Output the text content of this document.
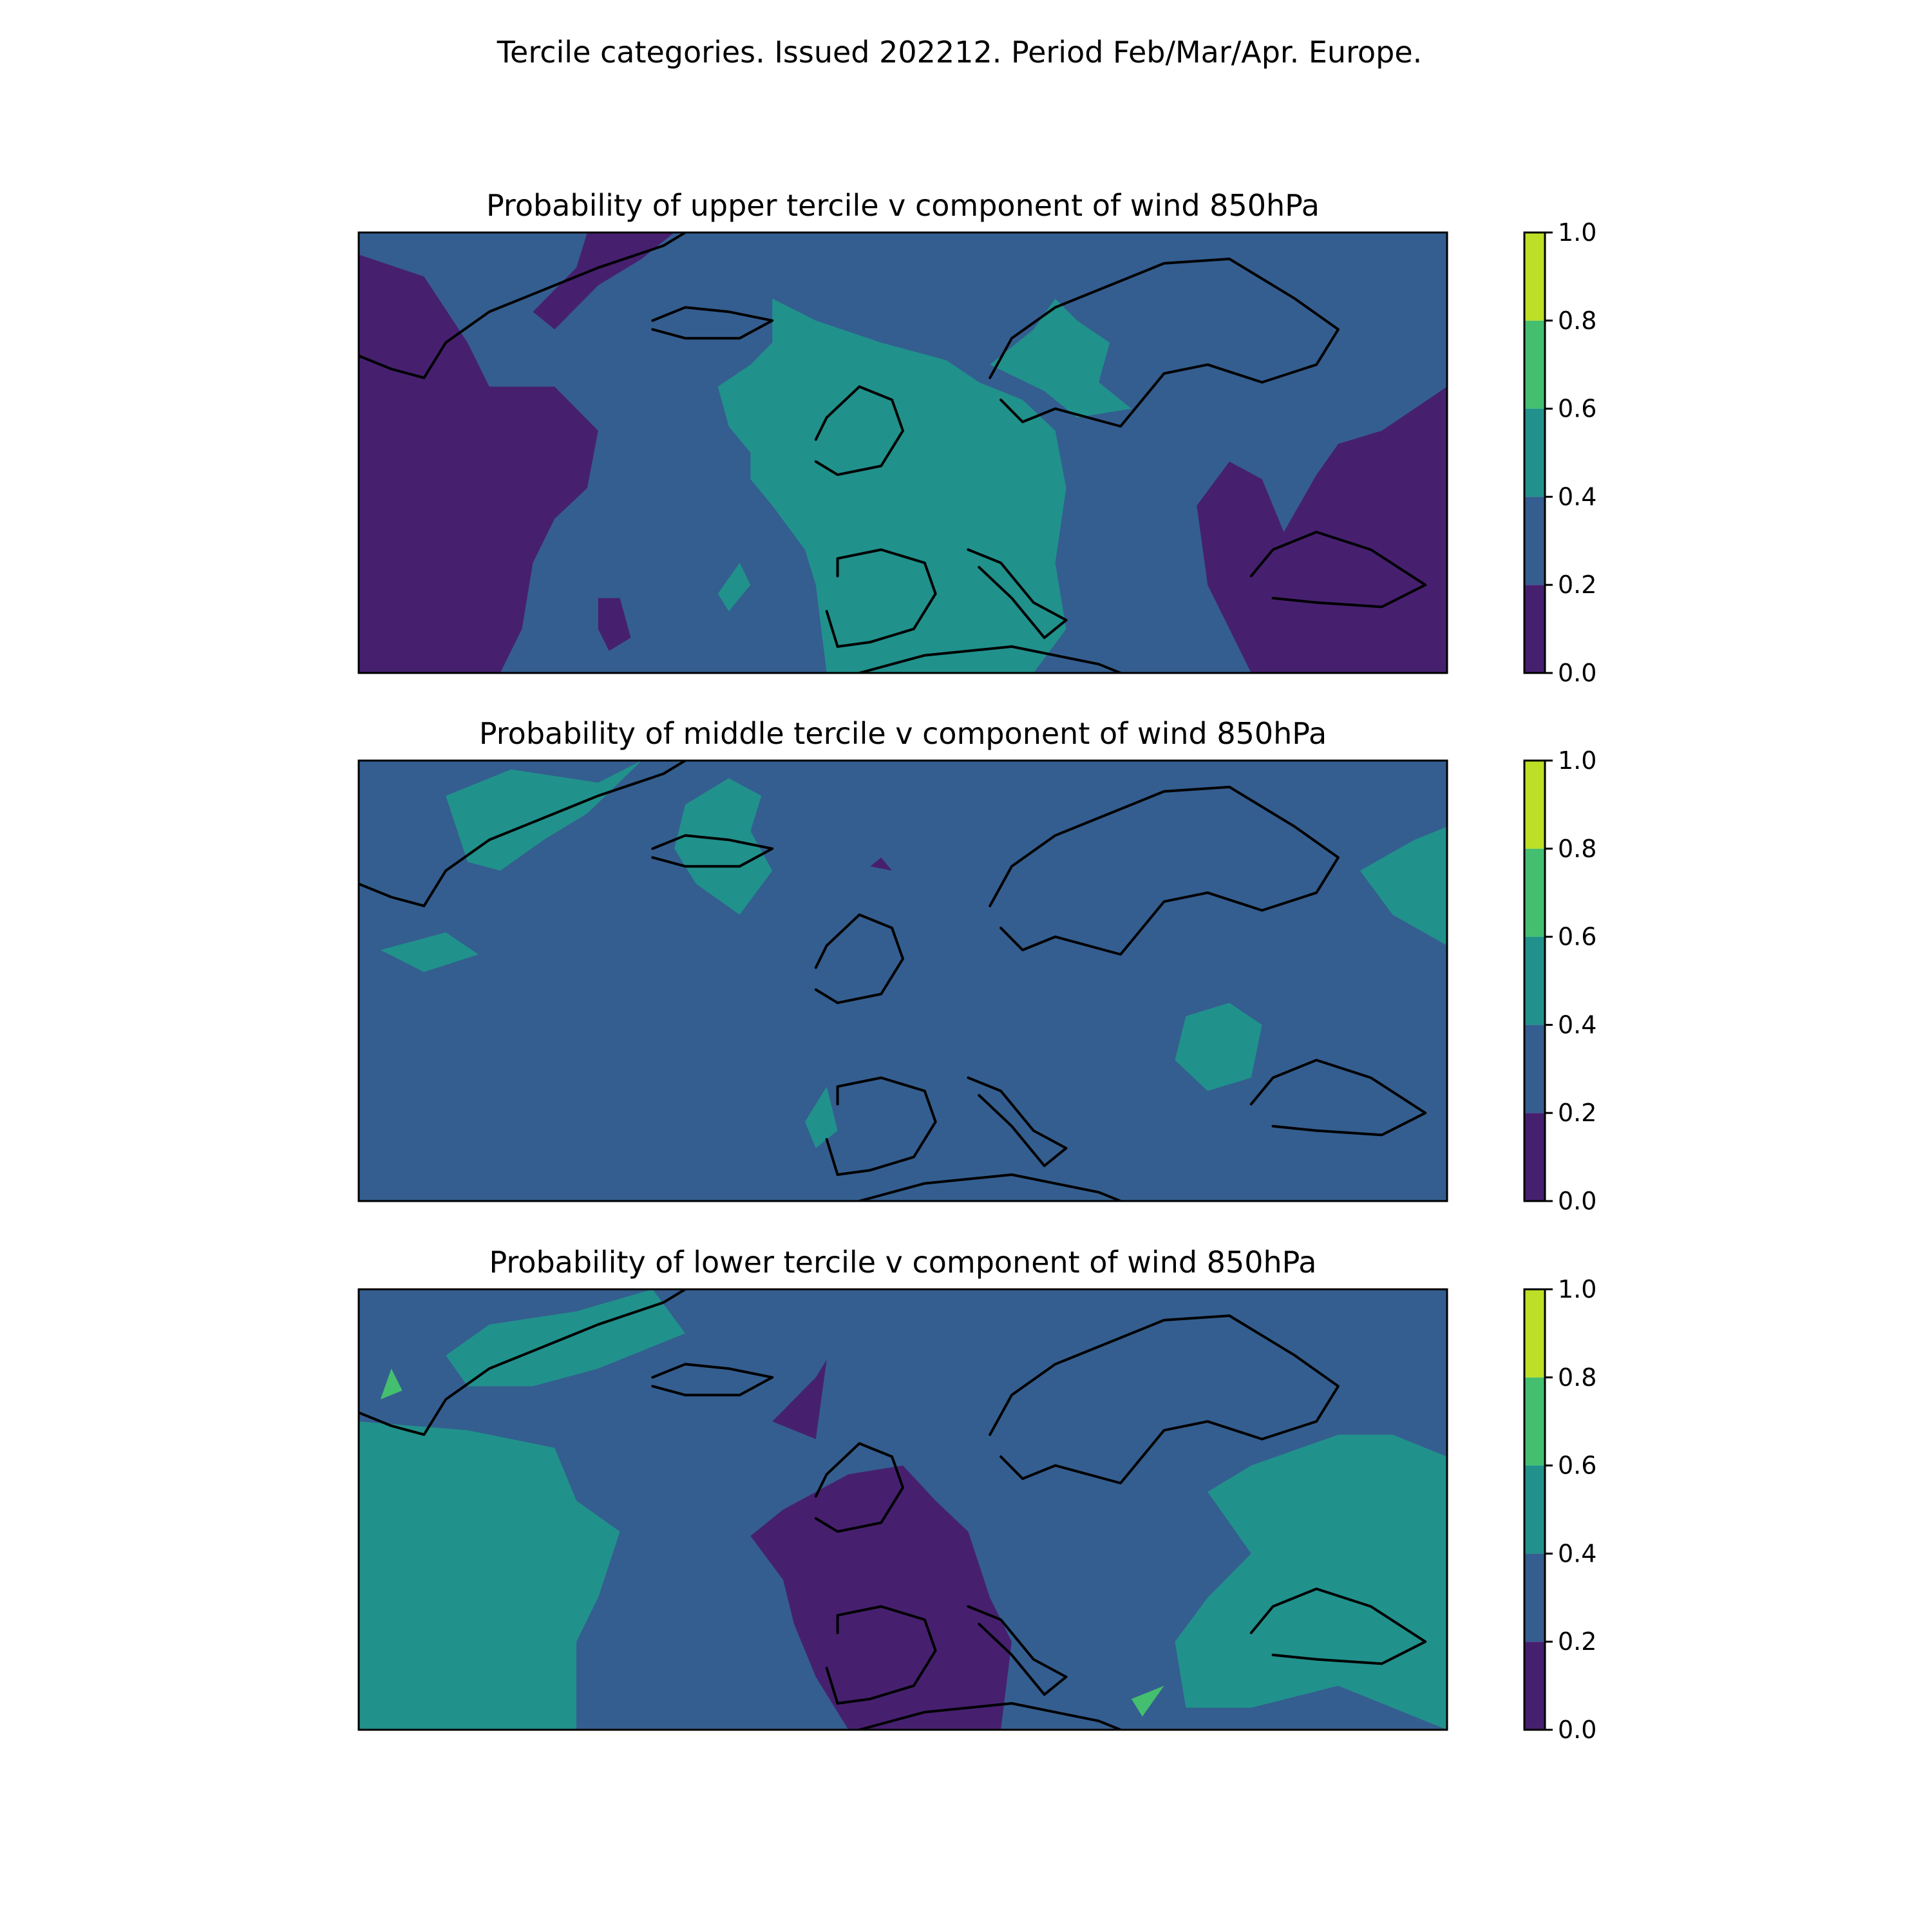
Tercile categories. Issued 202212. Period Feb/Mar/Apr. Europe.
Probability of upper tercile v component of wind 850hPa
0.0
0.2
0.4
0.6
0.8
1.0
Probability of middle tercile v component of wind 850hPa
0.0
0.2
0.4
0.6
0.8
1.0
Probability of lower tercile v component of wind 850hPa
0.0
0.2
0.4
0.6
0.8
1.0
